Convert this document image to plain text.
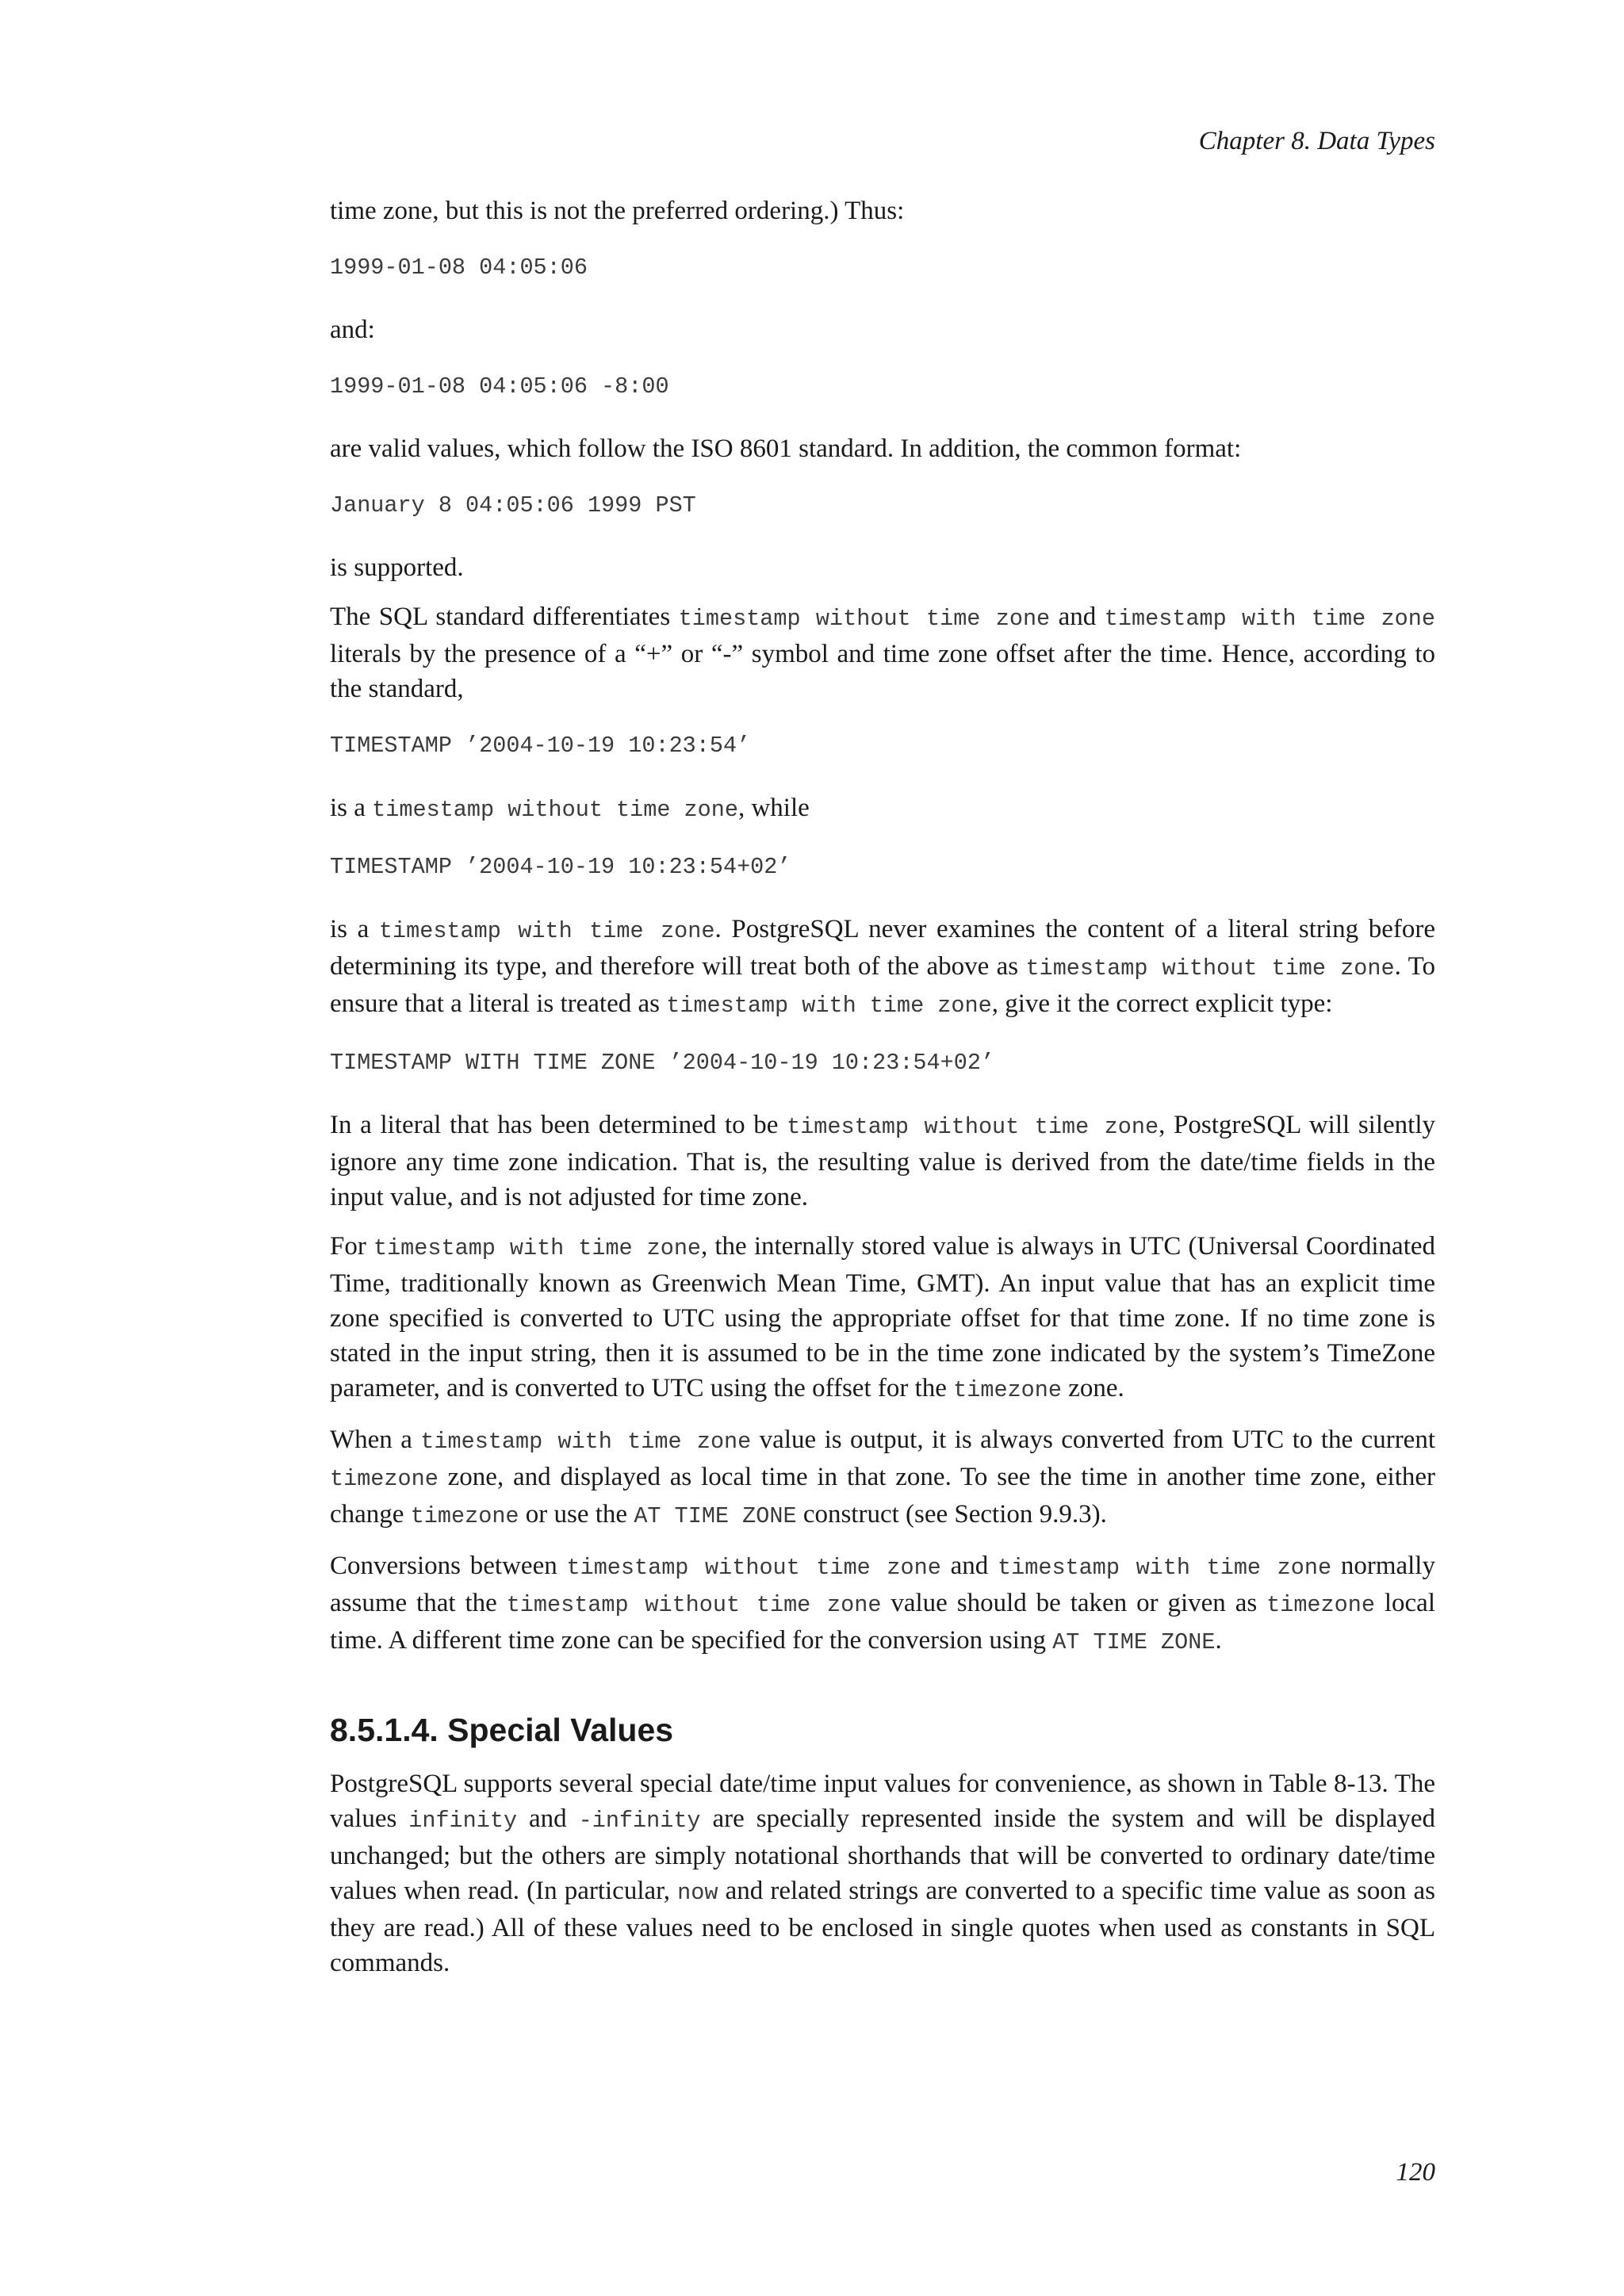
Chapter 8. Data Types

time zone, but this is not the preferred ordering.) Thus:

1999-01-08 04:05:06

and:

1999-01-08 04:05:06 -8:00

are valid values, which follow the ISO 8601 standard. In addition, the common format:

January 8 04:05:06 1999 PST

is supported.

The SQL standard differentiates timestamp without time zone and timestamp with time zone literals by the presence of a “+” or “-” symbol and time zone offset after the time. Hence, according to the standard,

TIMESTAMP ’2004-10-19 10:23:54’

is a timestamp without time zone, while

TIMESTAMP ’2004-10-19 10:23:54+02’

is a timestamp with time zone. PostgreSQL never examines the content of a literal string before determining its type, and therefore will treat both of the above as timestamp without time zone. To ensure that a literal is treated as timestamp with time zone, give it the correct explicit type:

TIMESTAMP WITH TIME ZONE ’2004-10-19 10:23:54+02’

In a literal that has been determined to be timestamp without time zone, PostgreSQL will silently ignore any time zone indication. That is, the resulting value is derived from the date/time fields in the input value, and is not adjusted for time zone.

For timestamp with time zone, the internally stored value is always in UTC (Universal Coordinated Time, traditionally known as Greenwich Mean Time, GMT). An input value that has an explicit time zone specified is converted to UTC using the appropriate offset for that time zone. If no time zone is stated in the input string, then it is assumed to be in the time zone indicated by the system’s TimeZone parameter, and is converted to UTC using the offset for the timezone zone.

When a timestamp with time zone value is output, it is always converted from UTC to the current timezone zone, and displayed as local time in that zone. To see the time in another time zone, either change timezone or use the AT TIME ZONE construct (see Section 9.9.3).

Conversions between timestamp without time zone and timestamp with time zone normally assume that the timestamp without time zone value should be taken or given as timezone local time. A different time zone can be specified for the conversion using AT TIME ZONE.

8.5.1.4. Special Values

PostgreSQL supports several special date/time input values for convenience, as shown in Table 8-13. The values infinity and -infinity are specially represented inside the system and will be displayed unchanged; but the others are simply notational shorthands that will be converted to ordinary date/time values when read. (In particular, now and related strings are converted to a specific time value as soon as they are read.) All of these values need to be enclosed in single quotes when used as constants in SQL commands.

120
